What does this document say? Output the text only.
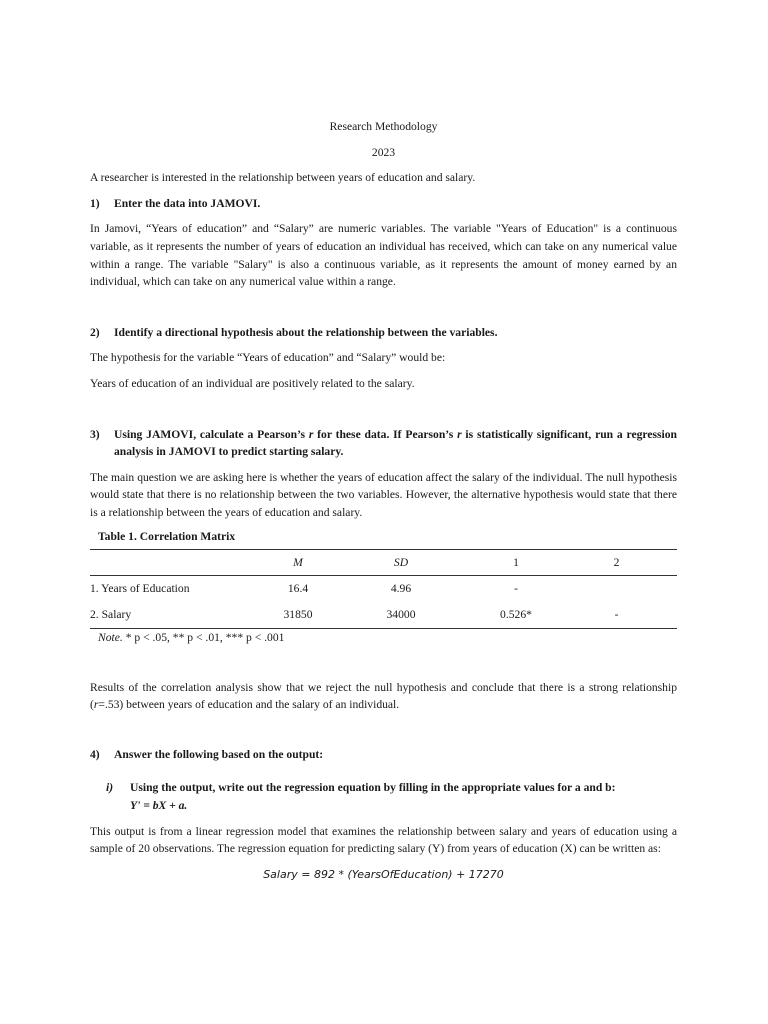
Research Methodology

2023

A researcher is interested in the relationship between years of education and salary.

1)	Enter the data into JAMOVI.

In Jamovi, “Years of education” and “Salary” are numeric variables. The variable "Years of Education" is a continuous variable, as it represents the number of years of education an individual has received, which can take on any numerical value within a range. The variable "Salary" is also a continuous variable, as it represents the amount of money earned by an individual, which can take on any numerical value within a range.

2)	Identify a directional hypothesis about the relationship between the variables.

The hypothesis for the variable “Years of education” and “Salary” would be:

Years of education of an individual are positively related to the salary.

3)	Using JAMOVI, calculate a Pearson’s r for these data. If Pearson’s r is statistically significant, run a regression analysis in JAMOVI to predict starting salary.

The main question we are asking here is whether the years of education affect the salary of the individual. The null hypothesis would state that there is no relationship between the two variables. However, the alternative hypothesis would state that there is a relationship between the years of education and salary.

Table 1. Correlation Matrix

	M	SD	1	2
1. Years of Education	16.4	4.96	-	
2. Salary	31850	34000	0.526*	-

Note. * p < .05, ** p < .01, *** p < .001

Results of the correlation analysis show that we reject the null hypothesis and conclude that there is a strong relationship (r=.53) between years of education and the salary of an individual.

4)	Answer the following based on the output:
i)	Using the output, write out the regression equation by filling in the appropriate values for a and b:
Y' = bX + a.

This output is from a linear regression model that examines the relationship between salary and years of education using a sample of 20 observations. The regression equation for predicting salary (Y) from years of education (X) can be written as:

Salary = 892 * (YearsOfEducation) + 17270
